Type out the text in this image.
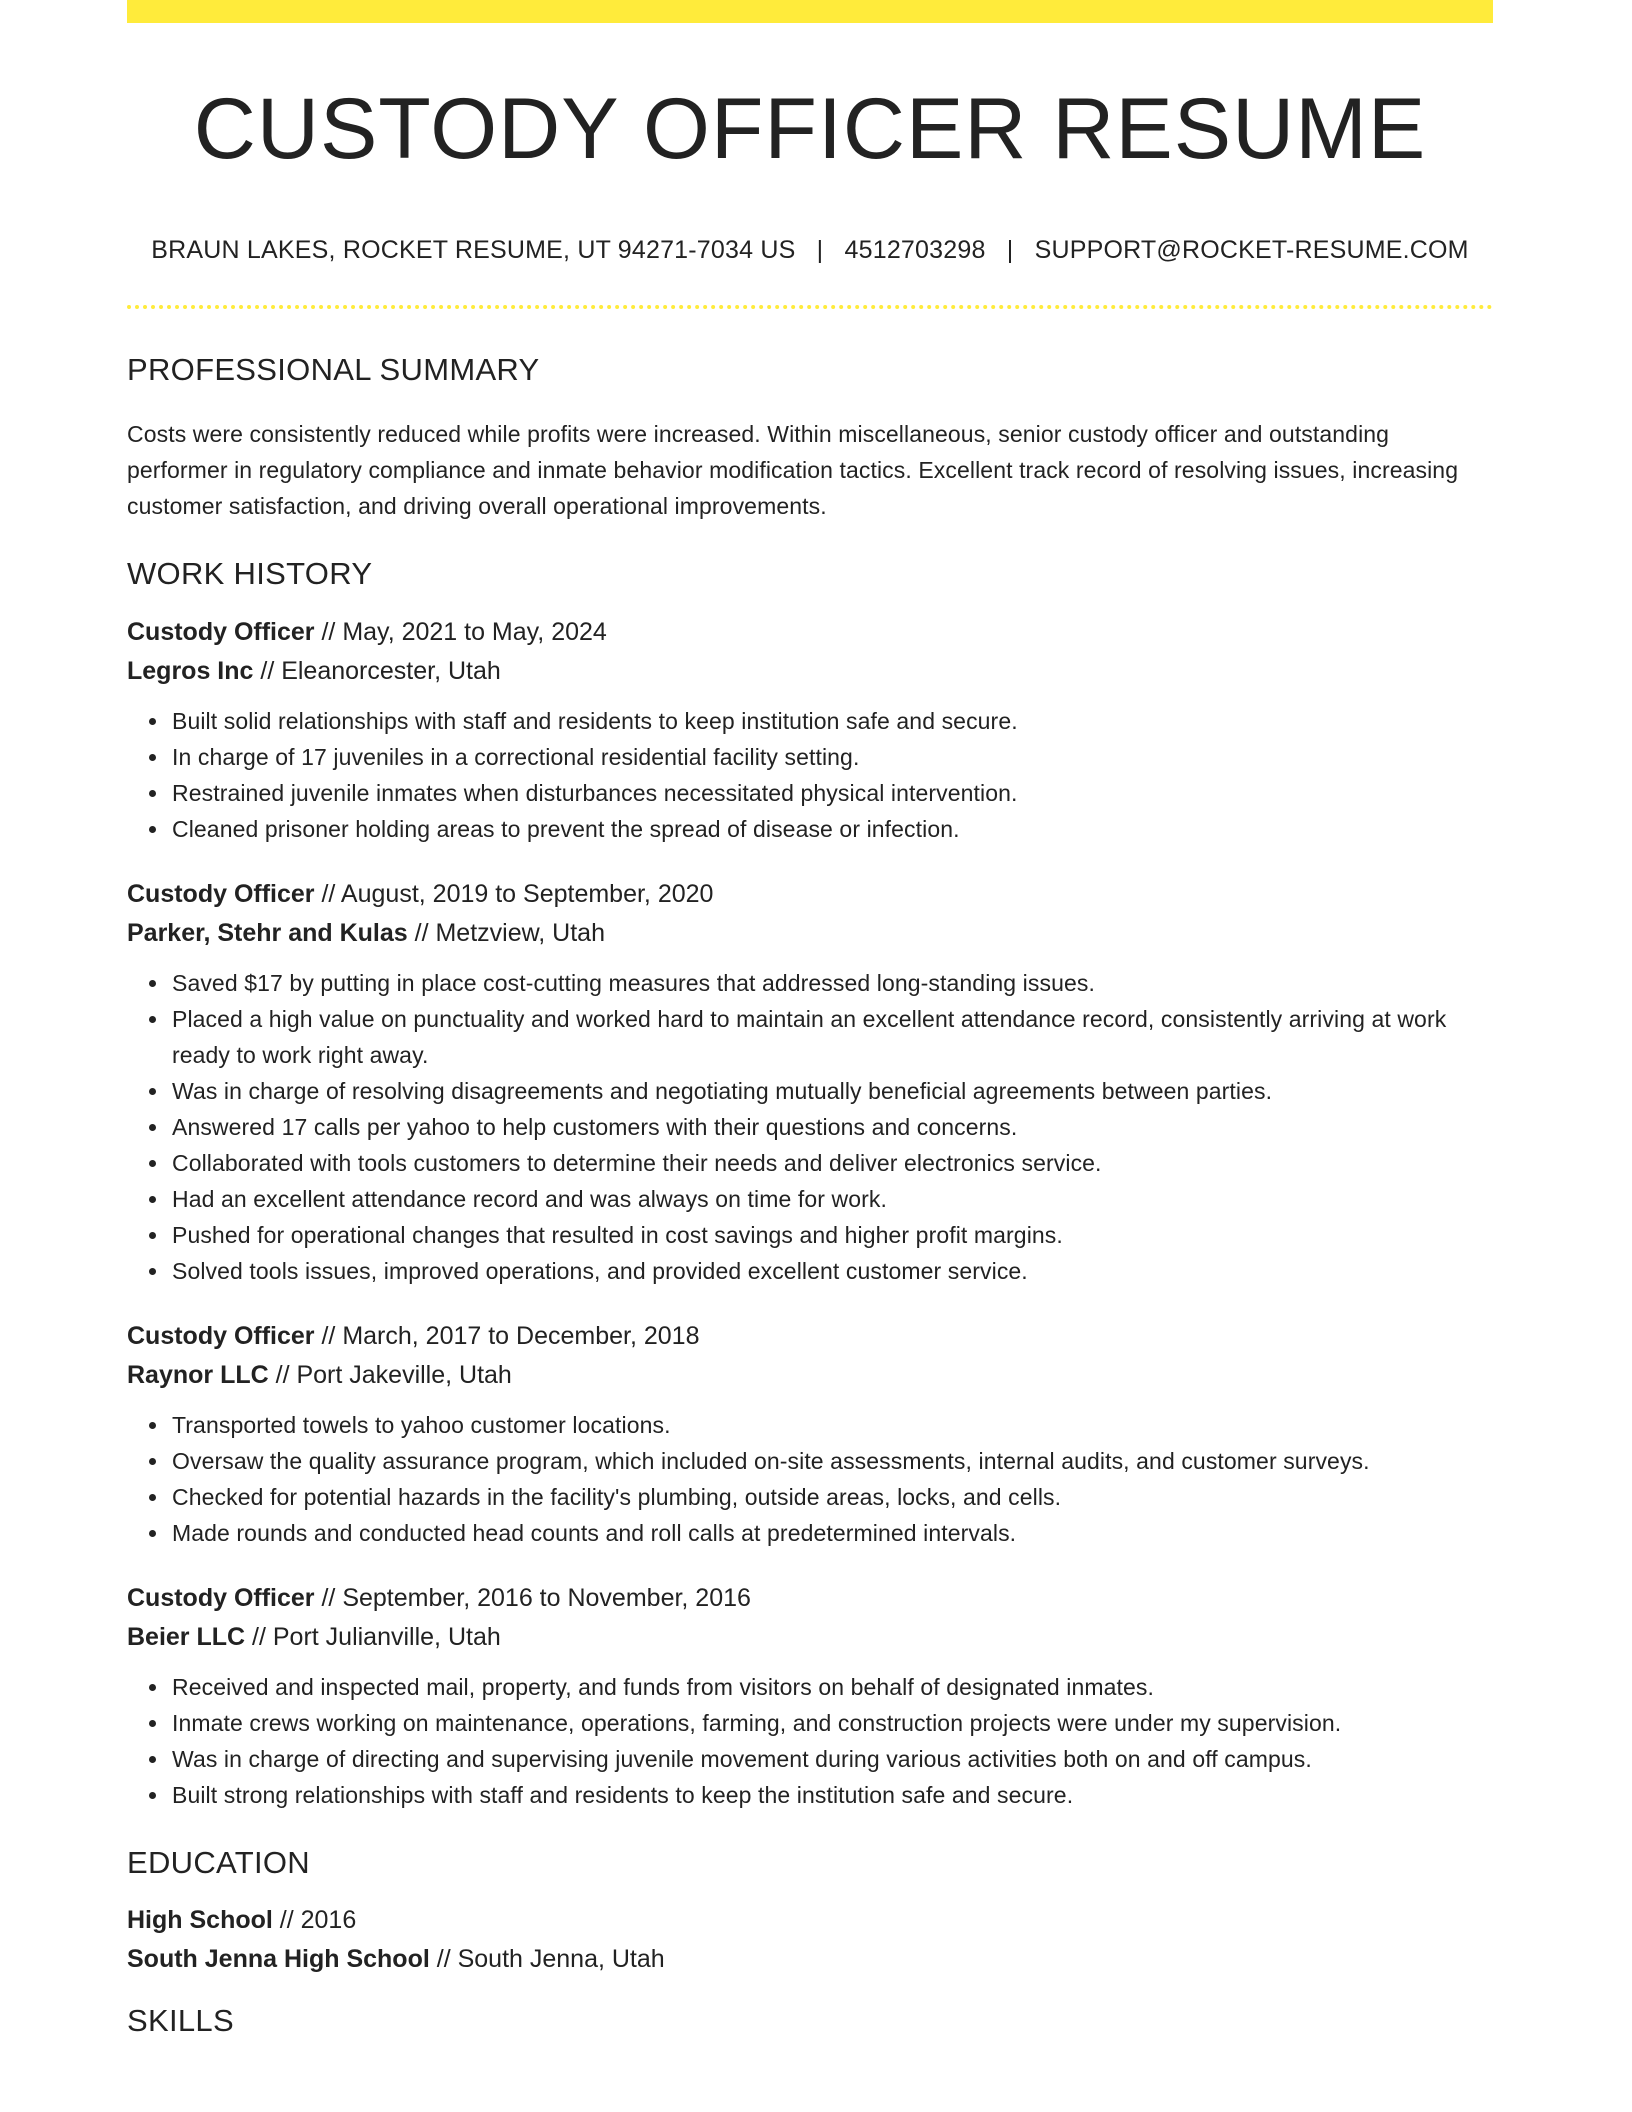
CUSTODY OFFICER RESUME
BRAUN LAKES, ROCKET RESUME, UT 94271-7034 US | 4512703298 | SUPPORT@ROCKET-RESUME.COM
PROFESSIONAL SUMMARY

Costs were consistently reduced while profits were increased. Within miscellaneous, senior custody officer and outstanding performer in regulatory compliance and inmate behavior modification tactics. Excellent track record of resolving issues, increasing customer satisfaction, and driving overall operational improvements.

WORK HISTORY
Custody Officer // May, 2021 to May, 2024
Legros Inc // Eleanorcester, Utah
• Built solid relationships with staff and residents to keep institution safe and secure.
• In charge of 17 juveniles in a correctional residential facility setting.
• Restrained juvenile inmates when disturbances necessitated physical intervention.
• Cleaned prisoner holding areas to prevent the spread of disease or infection.
Custody Officer // August, 2019 to September, 2020
Parker, Stehr and Kulas // Metzview, Utah
• Saved $17 by putting in place cost-cutting measures that addressed long-standing issues.
• Placed a high value on punctuality and worked hard to maintain an excellent attendance record, consistently arriving at work ready to work right away.
• Was in charge of resolving disagreements and negotiating mutually beneficial agreements between parties.
• Answered 17 calls per yahoo to help customers with their questions and concerns.
• Collaborated with tools customers to determine their needs and deliver electronics service.
• Had an excellent attendance record and was always on time for work.
• Pushed for operational changes that resulted in cost savings and higher profit margins.
• Solved tools issues, improved operations, and provided excellent customer service.
Custody Officer // March, 2017 to December, 2018
Raynor LLC // Port Jakeville, Utah
• Transported towels to yahoo customer locations.
• Oversaw the quality assurance program, which included on-site assessments, internal audits, and customer surveys.
• Checked for potential hazards in the facility's plumbing, outside areas, locks, and cells.
• Made rounds and conducted head counts and roll calls at predetermined intervals.
Custody Officer // September, 2016 to November, 2016
Beier LLC // Port Julianville, Utah
• Received and inspected mail, property, and funds from visitors on behalf of designated inmates.
• Inmate crews working on maintenance, operations, farming, and construction projects were under my supervision.
• Was in charge of directing and supervising juvenile movement during various activities both on and off campus.
• Built strong relationships with staff and residents to keep the institution safe and secure.
EDUCATION
High School // 2016
South Jenna High School // South Jenna, Utah
SKILLS
